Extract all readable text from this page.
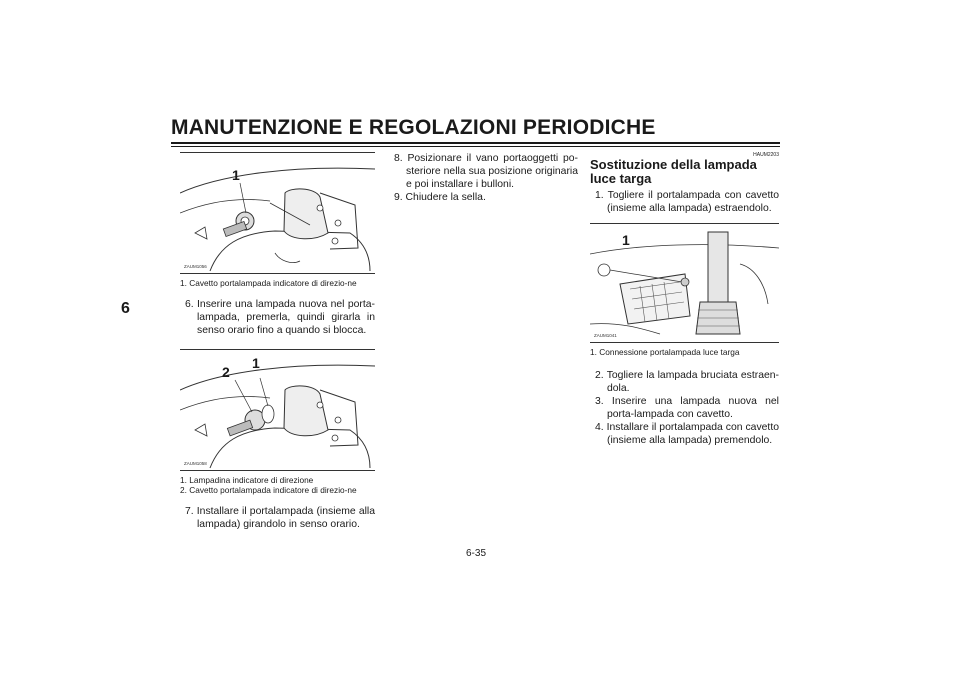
MANUTENZIONE E REGOLAZIONI PERIODICHE
6
1
ZAUM1056

1. Cavetto portalampada indicatore di direzio-ne

6. Inserire una lampada nuova nel porta-lampada, premerla, quindi girarla in senso orario fino a quando si blocca.

2
1
ZAUM1058

1. Lampadina indicatore di direzione

2. Cavetto portalampada indicatore di direzio-ne

7. Installare il portalampada (insieme alla lampada) girandolo in senso orario.

8. Posizionare il vano portaoggetti po-steriore nella sua posizione originaria e poi installare i bulloni.

9. Chiudere la sella.

HAUM2203

Sostituzione della lampada luce targa

1. Togliere il portalampada con cavetto (insieme alla lampada) estraendolo.

1
ZAUM1041

1. Connessione portalampada luce targa

2. Togliere la lampada bruciata estraen-dola.

3. Inserire una lampada nuova nel porta-lampada con cavetto.

4. Installare il portalampada con cavetto (insieme alla lampada) premendolo.

6-35
